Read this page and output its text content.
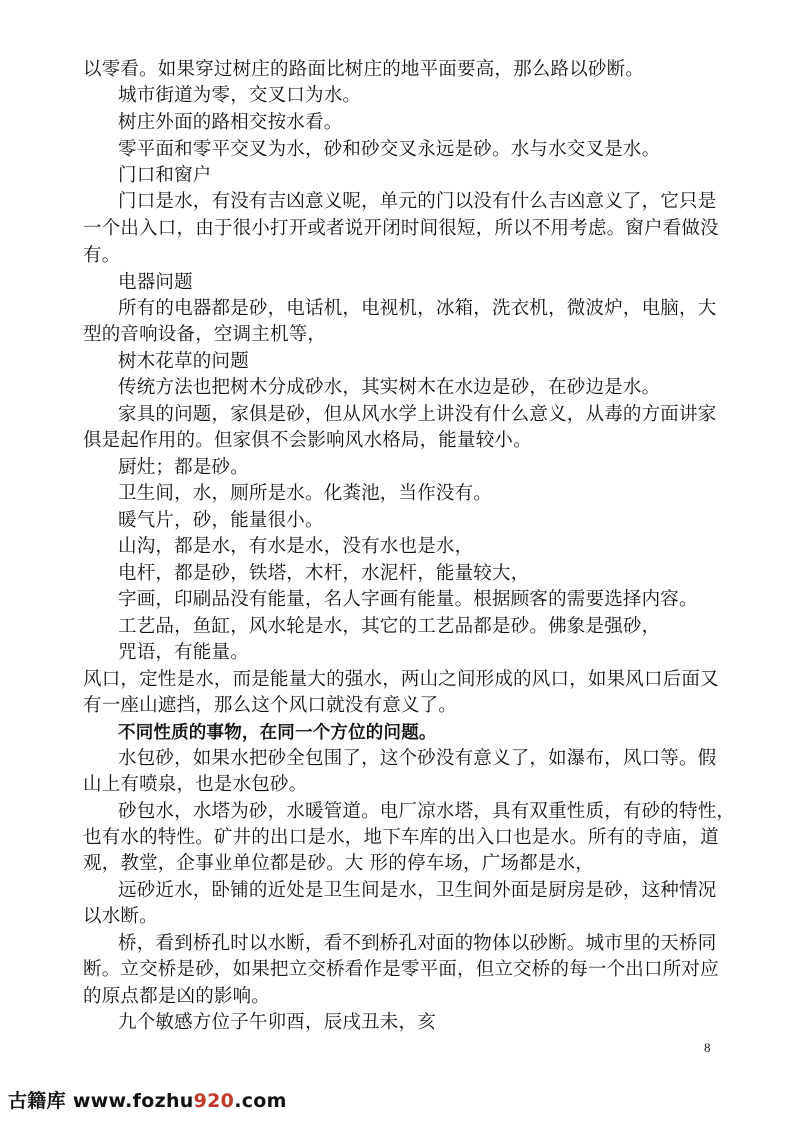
以零看。如果穿过树庄的路面比树庄的地平面要高，那么路以砂断。
城市街道为零，交叉口为水。
树庄外面的路相交按水看。
零平面和零平交叉为水，砂和砂交叉永远是砂。水与水交叉是水。
门口和窗户
门口是水，有没有吉凶意义呢，单元的门以没有什么吉凶意义了，它只是
一个出入口，由于很小打开或者说开闭时间很短，所以不用考虑。窗户看做没
有。
电器问题
所有的电器都是砂，电话机，电视机，冰箱，洗衣机，微波炉，电脑，大
型的音响设备，空调主机等，
树木花草的问题
传统方法也把树木分成砂水，其实树木在水边是砂，在砂边是水。
家具的问题，家俱是砂，但从风水学上讲没有什么意义，从毒的方面讲家
俱是起作用的。但家俱不会影响风水格局，能量较小。
厨灶；都是砂。
卫生间，水，厕所是水。化粪池，当作没有。
暖气片，砂，能量很小。
山沟，都是水，有水是水，没有水也是水，
电杆，都是砂，铁塔，木杆，水泥杆，能量较大，
字画，印刷品没有能量，名人字画有能量。根据顾客的需要选择内容。
工艺品，鱼缸，风水轮是水，其它的工艺品都是砂。佛象是强砂，
咒语，有能量。
风口，定性是水，而是能量大的强水，两山之间形成的风口，如果风口后面又
有一座山遮挡，那么这个风口就没有意义了。
不同性质的事物，在同一个方位的问题。
水包砂，如果水把砂全包围了，这个砂没有意义了，如瀑布，风口等。假
山上有喷泉，也是水包砂。
砂包水，水塔为砂，水暖管道。电厂凉水塔，具有双重性质，有砂的特性，
也有水的特性。矿井的出口是水，地下车库的出入口也是水。所有的寺庙，道
观，教堂，企事业单位都是砂。大 形的停车场，广场都是水，
远砂近水，卧铺的近处是卫生间是水，卫生间外面是厨房是砂，这种情况
以水断。
桥，看到桥孔时以水断，看不到桥孔对面的物体以砂断。城市里的天桥同
断。立交桥是砂，如果把立交桥看作是零平面，但立交桥的每一个出口所对应
的原点都是凶的影响。
九个敏感方位子午卯酉，辰戌丑未，亥
8
古籍库 www.fozhu920.com
